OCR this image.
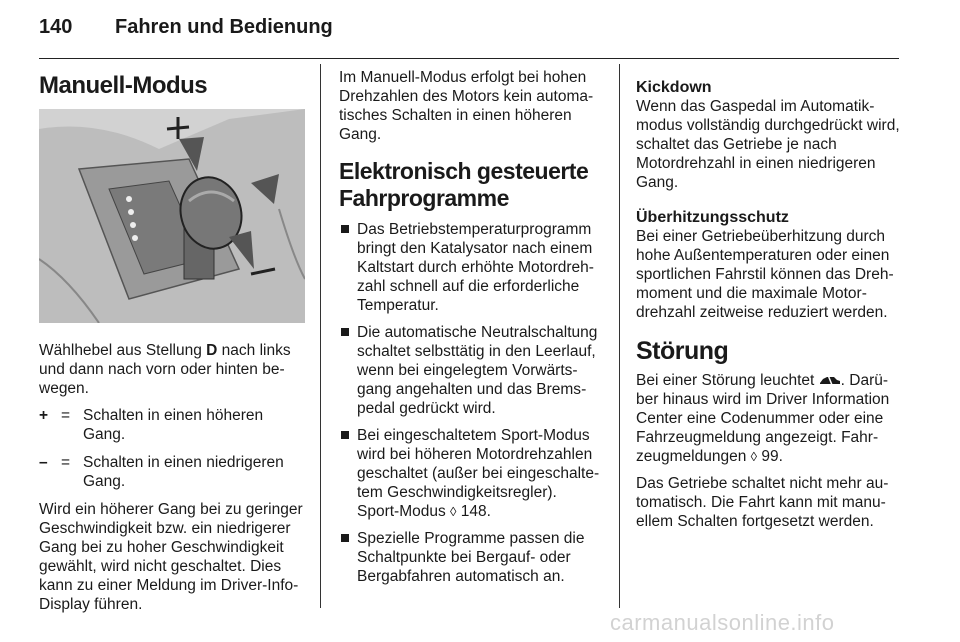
140 Fahren und Bedienung
Manuell-Modus

Wählhebel aus Stellung D nach links und dann nach vorn oder hinten bewegen.

+ = Schalten in einen höheren Gang.
– = Schalten in einen niedrigeren Gang.

Wird ein höherer Gang bei zu geringer Geschwindigkeit bzw. ein niedrigerer Gang bei zu hoher Geschwindigkeit gewählt, wird nicht geschaltet. Dies kann zu einer Meldung im Driver-Info-Display führen.

Im Manuell-Modus erfolgt bei hohen Drehzahlen des Motors kein automatisches Schalten in einen höheren Gang.

Elektronisch gesteuerte Fahrprogramme
Das Betriebstemperaturprogramm bringt den Katalysator nach einem Kaltstart durch erhöhte Motordrehzahl schnell auf die erforderliche Temperatur.
Die automatische Neutralschaltung schaltet selbsttätig in den Leerlauf, wenn bei eingelegtem Vorwärtsgang angehalten und das Bremspedal gedrückt wird.
Bei eingeschaltetem Sport-Modus wird bei höheren Motordrehzahlen geschaltet (außer bei eingeschaltetem Geschwindigkeitsregler).
Sport-Modus ◊ 148.
Spezielle Programme passen die Schaltpunkte bei Bergauf- oder Bergabfahren automatisch an.
Kickdown

Wenn das Gaspedal im Automatikmodus vollständig durchgedrückt wird, schaltet das Getriebe je nach Motordrehzahl in einen niedrigeren Gang.

Überhitzungsschutz

Bei einer Getriebeüberhitzung durch hohe Außentemperaturen oder einen sportlichen Fahrstil können das Drehmoment und die maximale Motordrehzahl zeitweise reduziert werden.

Störung

Bei einer Störung leuchtet . Darüber hinaus wird im Driver Information Center eine Codenummer oder eine Fahrzeugmeldung angezeigt. Fahrzeugmeldungen ◊ 99.

Das Getriebe schaltet nicht mehr automatisch. Die Fahrt kann mit manuellem Schalten fortgesetzt werden.

carmanualsonline.info
